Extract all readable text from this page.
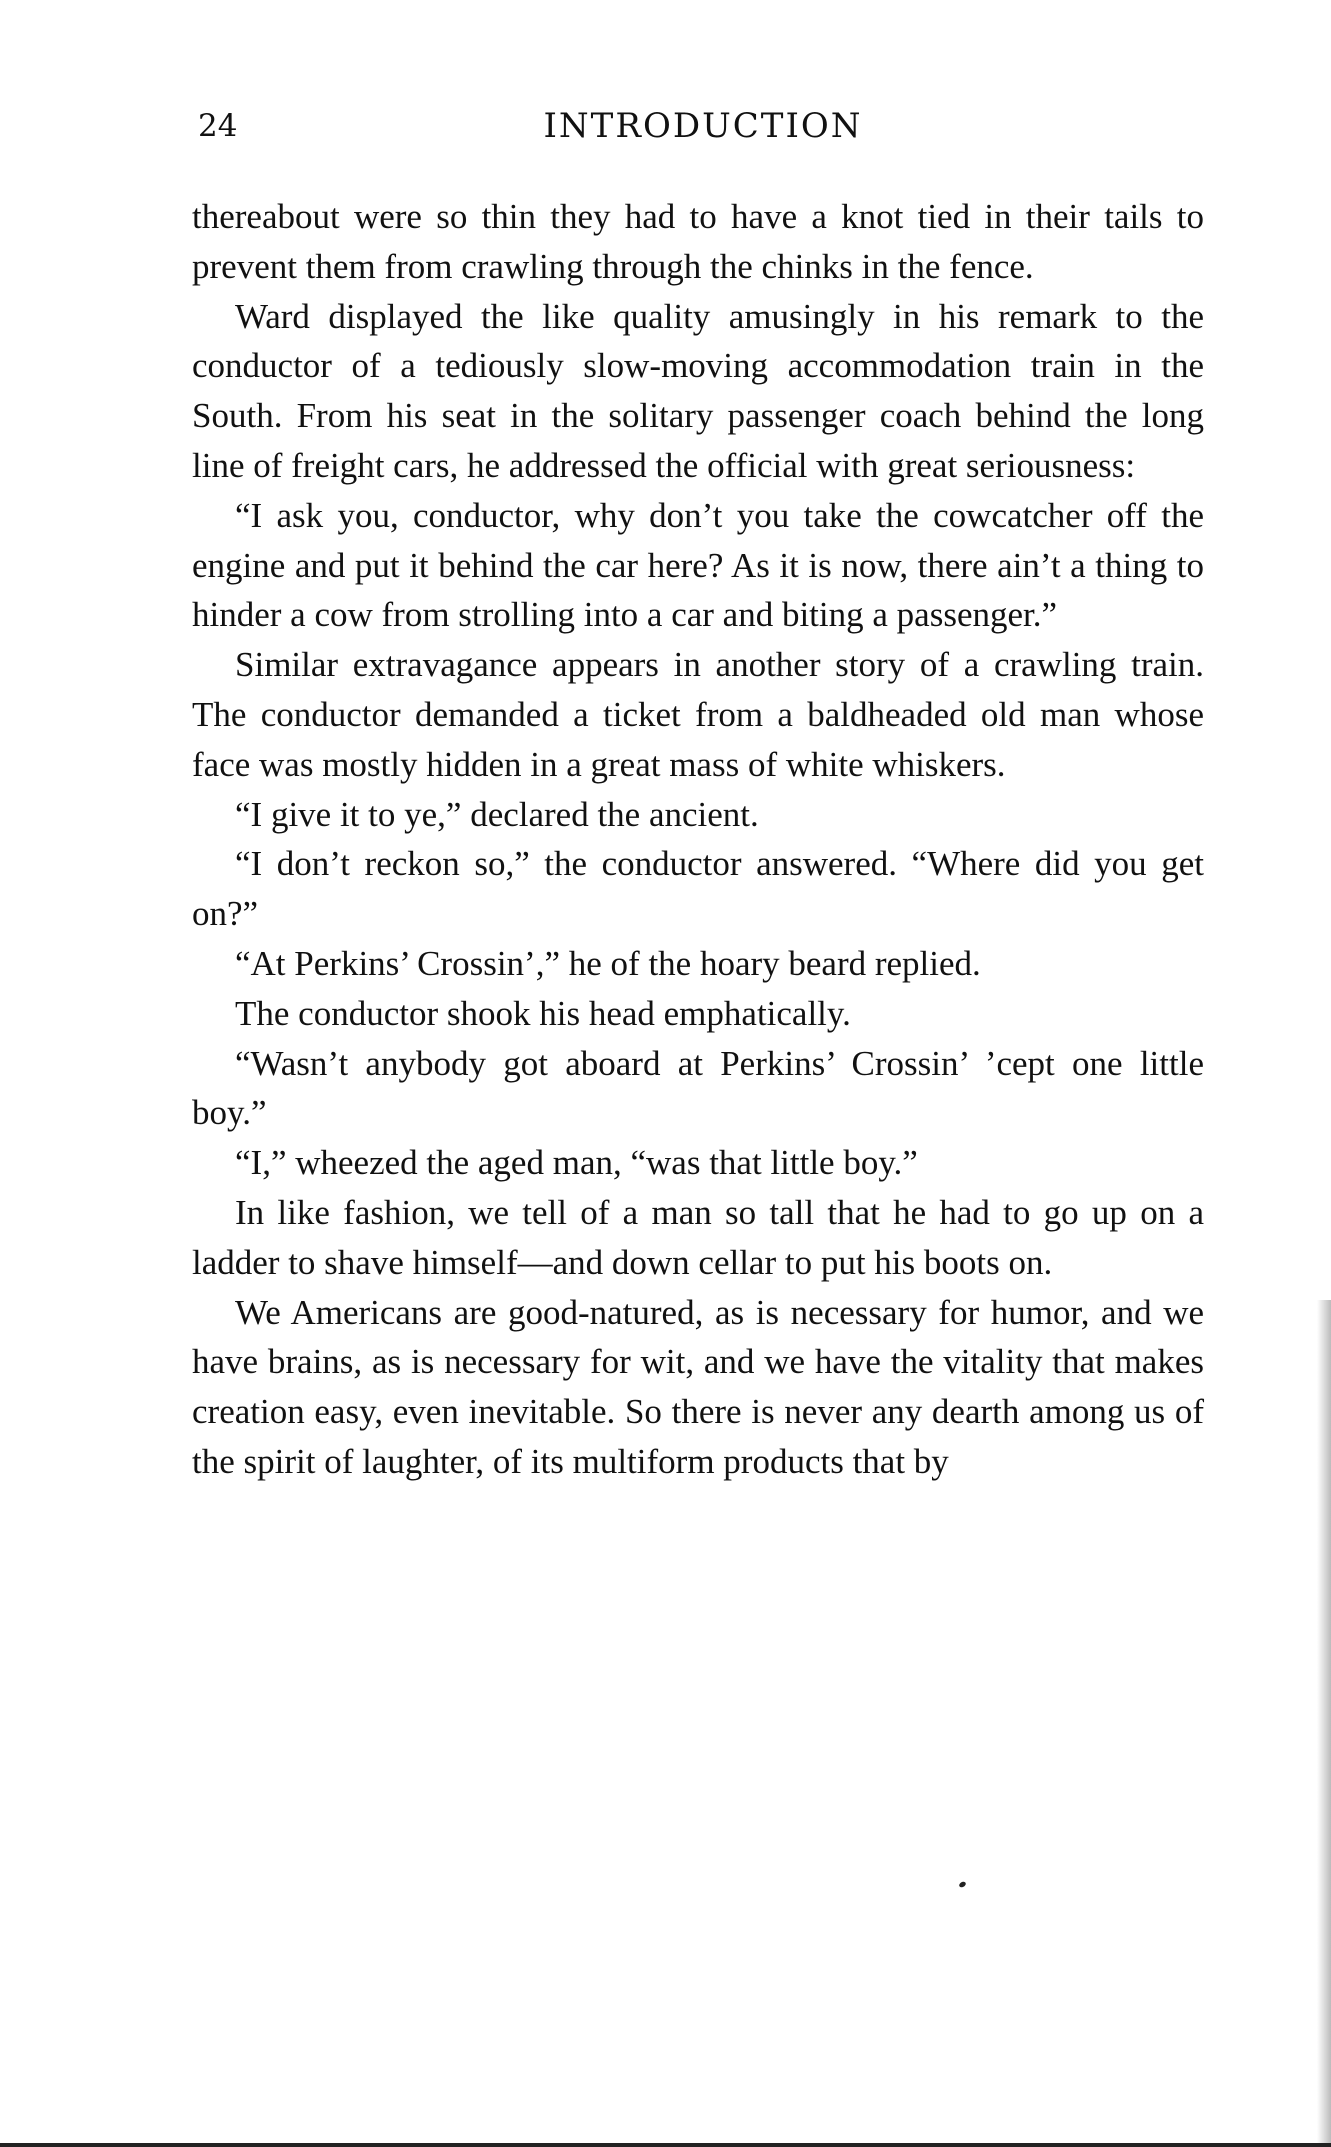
24	INTRODUCTION

thereabout were so thin they had to have a knot tied in their tails to prevent them from crawling through the chinks in the fence.

Ward displayed the like quality amusingly in his remark to the conductor of a tediously slow-moving accommodation train in the South. From his seat in the solitary passenger coach behind the long line of freight cars, he addressed the official with great seriousness:

“I ask you, conductor, why don’t you take the cowcatcher off the engine and put it behind the car here? As it is now, there ain’t a thing to hinder a cow from strolling into a car and biting a passenger.”

Similar extravagance appears in another story of a crawling train. The conductor demanded a ticket from a baldheaded old man whose face was mostly hidden in a great mass of white whiskers.

“I give it to ye,” declared the ancient.

“I don’t reckon so,” the conductor answered. “Where did you get on?”

“At Perkins’ Crossin’,” he of the hoary beard replied.

The conductor shook his head emphatically.

“Wasn’t anybody got aboard at Perkins’ Crossin’ ’cept one little boy.”

“I,” wheezed the aged man, “was that little boy.”

In like fashion, we tell of a man so tall that he had to go up on a ladder to shave himself—and down cellar to put his boots on.

We Americans are good-natured, as is necessary for humor, and we have brains, as is necessary for wit, and we have the vitality that makes creation easy, even inevitable. So there is never any dearth among us of the spirit of laughter, of its multiform products that by
